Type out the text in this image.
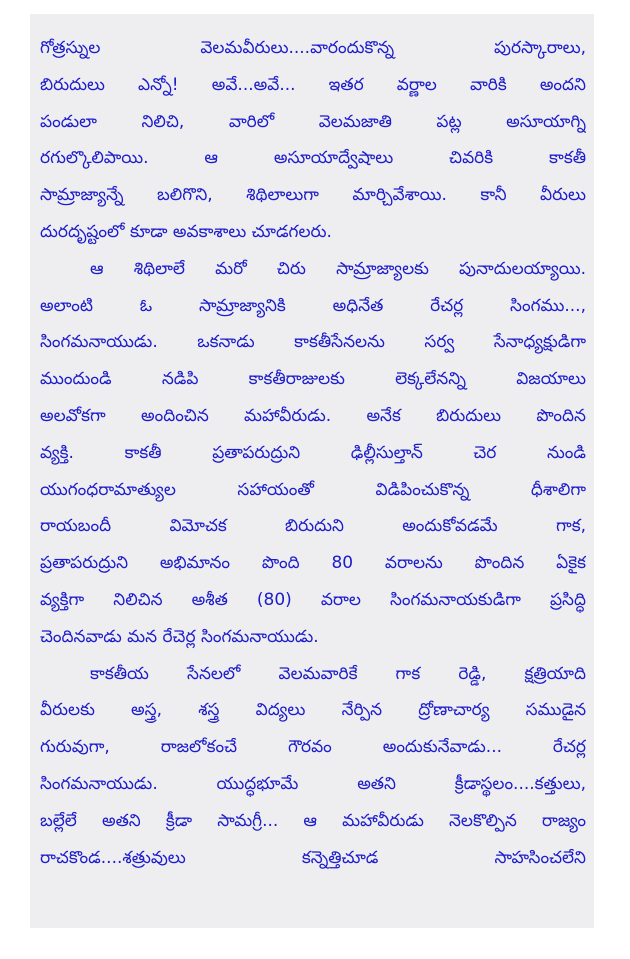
గోత్రస్నుల వెలమవీరులు....వారందుకొన్న పురస్కారాలు,
బిరుదులు ఎన్నో! అవే...అవే... ఇతర వర్ణాల వారికి అందని
పండులా నిలిచి, వారిలో వెలమజాతి పట్ల అసూయాగ్ని
రగుల్కొలిపాయి. ఆ అసూయాద్వేషాలు చివరికి కాకతీ
సామ్రాజ్యాన్నే బలిగొని, శిథిలాలుగా మార్చివేశాయి. కానీ వీరులు
దురదృష్టంలో కూడా అవకాశాలు చూడగలరు.
ఆ శిథిలాలే మరో చిరు సామ్రాజ్యాలకు పునాదులయ్యాయి.
అలాంటి ఓ సామ్రాజ్యానికి అధినేత రేచర్ల సింగము...,
సింగమనాయుడు. ఒకనాడు కాకతీసేనలను సర్వ సేనాధ్యక్షుడిగా
ముందుండి నడిపి కాకతీరాజులకు లెక్కలేనన్ని విజయాలు
అలవోకగా అందించిన మహావీరుడు. అనేక బిరుదులు పొందిన
వ్యక్తి. కాకతీ ప్రతాపరుద్రుని ఢిల్లీసుల్తాన్ చెర నుండి
యుగంధరామాత్యుల సహాయంతో విడిపించుకొన్న ధీశాలిగా
రాయబందీ విమోచక బిరుదుని అందుకోవడమే గాక,
ప్రతాపరుద్రుని అభిమానం పొంది 80 వరాలను పొందిన ఏకైక
వ్యక్తిగా నిలిచిన అశీత (80) వరాల సింగమనాయకుడిగా ప్రసిద్ధి
చెందినవాడు మన రేచెర్ల సింగమనాయుడు.
కాకతీయ సేనలలో వెలమవారికే గాక రెడ్డి, క్షత్రియాది
వీరులకు అస్త్ర, శస్త్ర విద్యలు నేర్పిన ద్రోణాచార్య సముడైన
గురువుగా, రాజలోకంచే గౌరవం అందుకునేవాడు... రేచర్ల
సింగమనాయుడు. యుద్ధభూమే అతని క్రీడాస్థలం....కత్తులు,
బల్లేలే అతని క్రీడా సామగ్రీ... ఆ మహావీరుడు నెలకొల్పిన రాజ్యం
రాచకొండ....శత్రువులు కన్నెత్తిచూడ సాహసించలేని
